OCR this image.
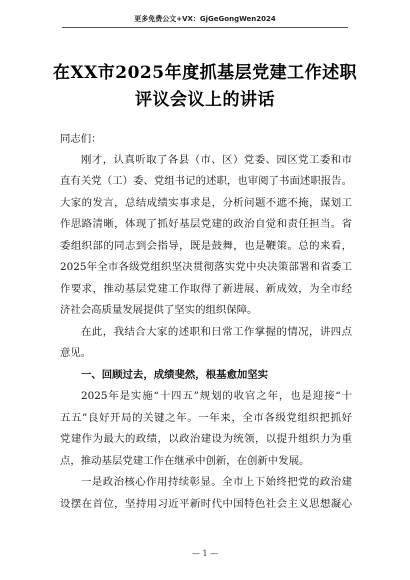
更多免费公文+VX：GjGeGongWen2024
在XX市2025年度抓基层党建工作述职
评议会议上的讲话
同志们：
刚才，认真听取了各县（市、区）党委、园区党工委和市
直有关党（工）委、党组书记的述职，也审阅了书面述职报告。
大家的发言，总结成绩实事求是，分析问题不遮不掩，谋划工
作思路清晰，体现了抓好基层党建的政治自觉和责任担当。省
委组织部的同志到会指导，既是鼓舞，也是鞭策。总的来看，
2025年全市各级党组织坚决贯彻落实党中央决策部署和省委工
作要求，推动基层党建工作取得了新进展、新成效，为全市经
济社会高质量发展提供了坚实的组织保障。
在此，我结合大家的述职和日常工作掌握的情况，讲四点
意见。
一、回顾过去，成绩斐然，根基愈加坚实
2025年是实施“十四五”规划的收官之年，也是迎接“十
五五”良好开局的关键之年。一年来，全市各级党组织把抓好
党建作为最大的政绩，以政治建设为统领，以提升组织力为重
点，推动基层党建工作在继承中创新，在创新中发展。
一是政治核心作用持续彰显。全市上下始终把党的政治建
设摆在首位，坚持用习近平新时代中国特色社会主义思想凝心
— 1 —
